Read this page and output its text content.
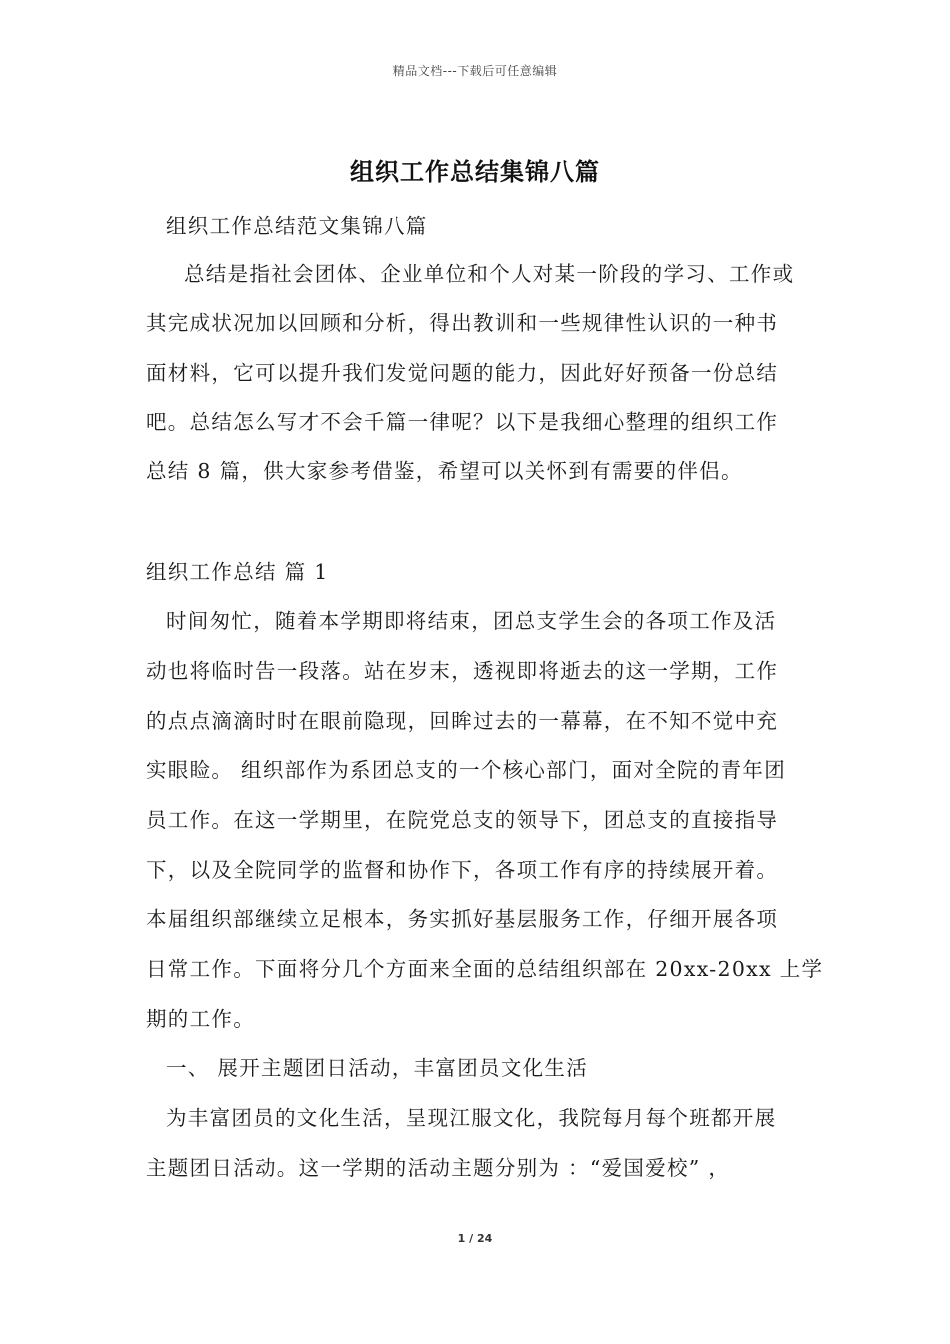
精品文档---下载后可任意编辑
组织工作总结集锦八篇
组织工作总结范文集锦八篇
总结是指社会团体、企业单位和个人对某一阶段的学习、工作或
其完成状况加以回顾和分析，得出教训和一些规律性认识的一种书
面材料，它可以提升我们发觉问题的能力，因此好好预备一份总结
吧。总结怎么写才不会千篇一律呢？以下是我细心整理的组织工作
总结 8 篇，供大家参考借鉴，希望可以关怀到有需要的伴侣。
组织工作总结 篇 1
时间匆忙，随着本学期即将结束，团总支学生会的各项工作及活
动也将临时告一段落。站在岁末，透视即将逝去的这一学期，工作
的点点滴滴时时在眼前隐现，回眸过去的一幕幕，在不知不觉中充
实眼睑。 组织部作为系团总支的一个核心部门，面对全院的青年团
员工作。在这一学期里，在院党总支的领导下，团总支的直接指导
下，以及全院同学的监督和协作下，各项工作有序的持续展开着。
本届组织部继续立足根本，务实抓好基层服务工作，仔细开展各项
日常工作。下面将分几个方面来全面的总结组织部在 20xx-20xx 上学
期的工作。
一、 展开主题团日活动，丰富团员文化生活
为丰富团员的文化生活，呈现江服文化，我院每月每个班都开展
主题团日活动。这一学期的活动主题分别为 ：“爱国爱校” ，
1 / 24
